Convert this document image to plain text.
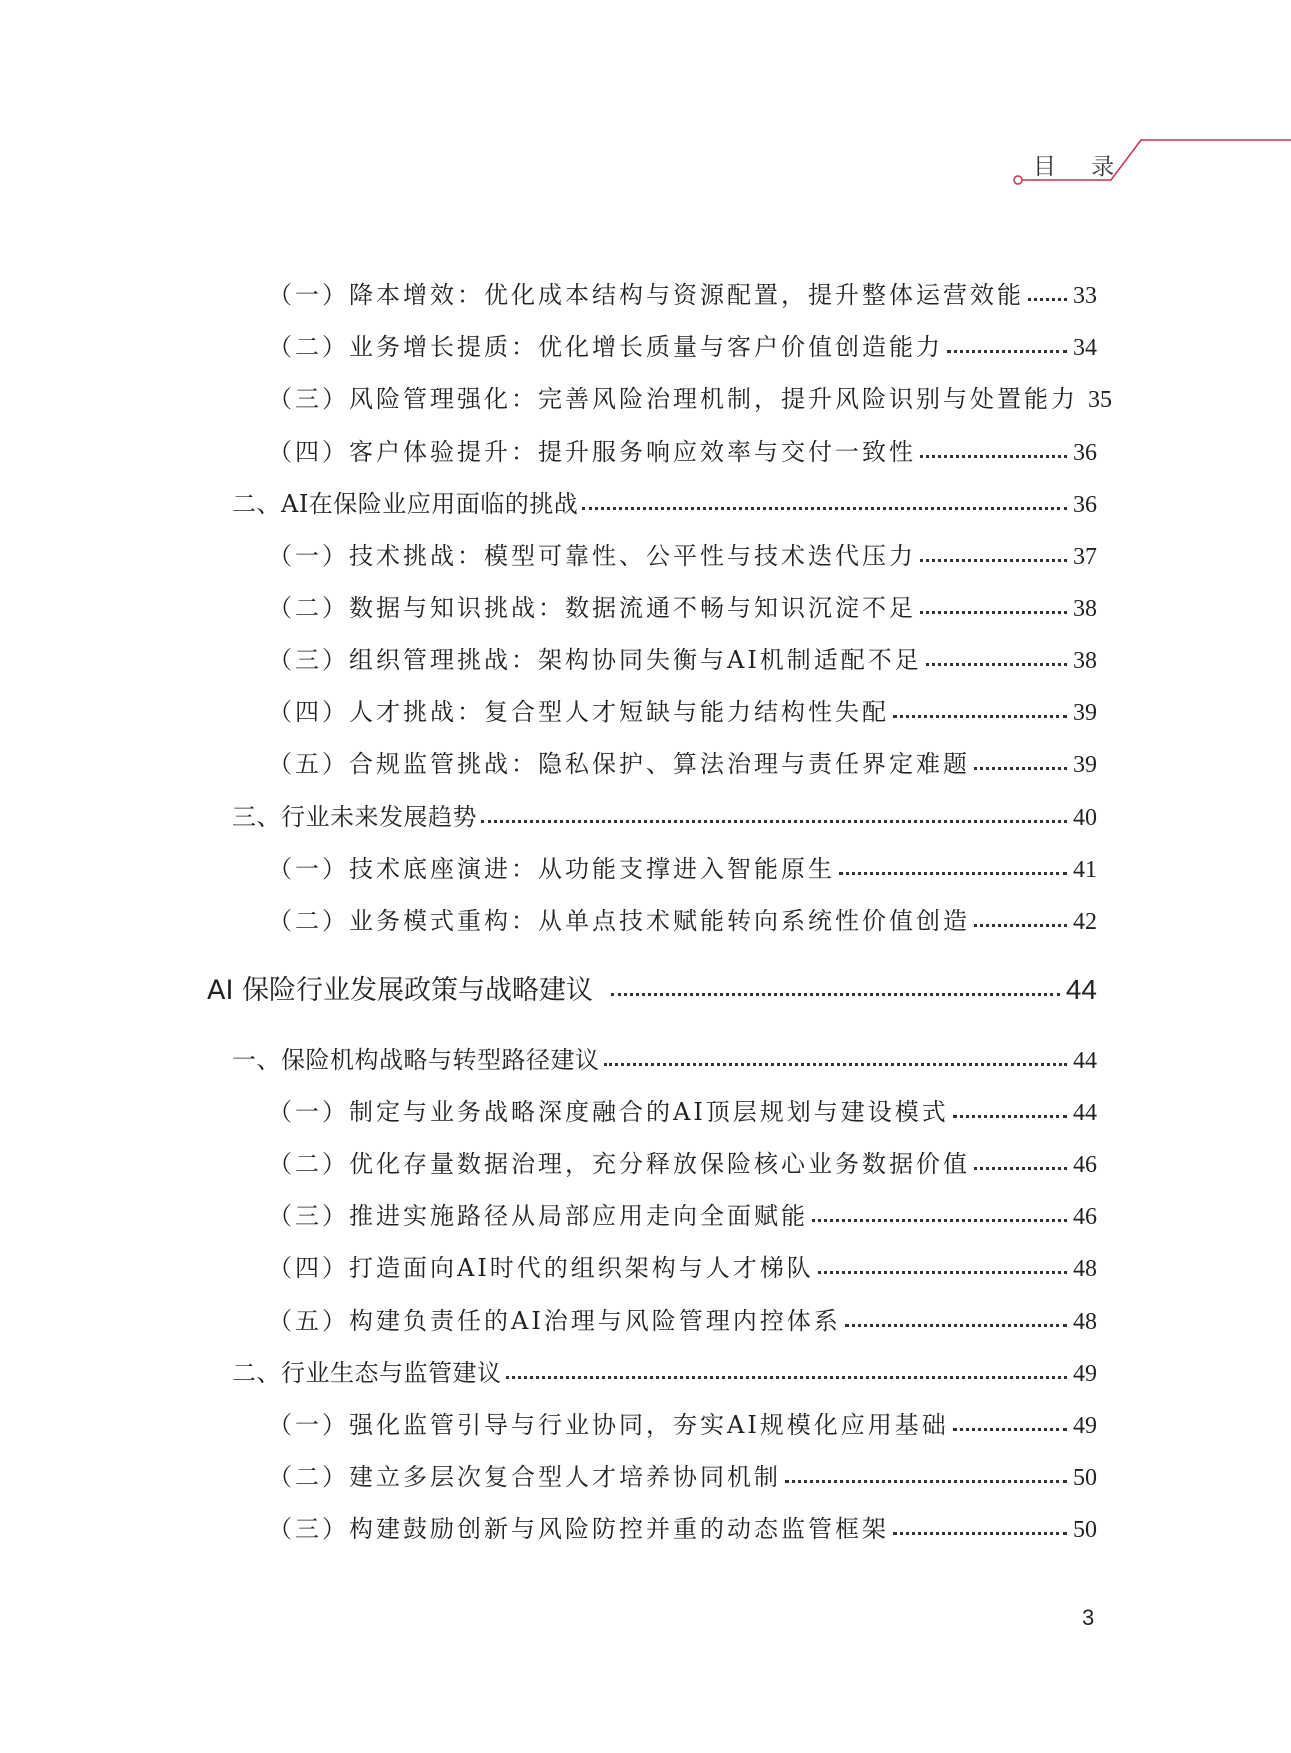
目 录
（一）降本增效：优化成本结构与资源配置，提升整体运营效能 33
（二）业务增长提质：优化增长质量与客户价值创造能力	34
（三）风险管理强化：完善风险治理机制，提升风险识别与处置能力 35
（四）客户体验提升：提升服务响应效率与交付一致性	36
二、AI在保险业应用面临的挑战	36
（一）技术挑战：模型可靠性、公平性与技术迭代压力	37
（二）数据与知识挑战：数据流通不畅与知识沉淀不足	38
（三）组织管理挑战：架构协同失衡与AI机制适配不足	38
（四）人才挑战：复合型人才短缺与能力结构性失配	39
（五）合规监管挑战：隐私保护、算法治理与责任界定难题	39
三、行业未来发展趋势	40
（一）技术底座演进：从功能支撑进入智能原生	41
（二）业务模式重构：从单点技术赋能转向系统性价值创造	42
AI 保险行业发展政策与战略建议	44
一、保险机构战略与转型路径建议	44
（一）制定与业务战略深度融合的AI顶层规划与建设模式	44
（二）优化存量数据治理，充分释放保险核心业务数据价值	46
（三）推进实施路径从局部应用走向全面赋能	46
（四）打造面向AI时代的组织架构与人才梯队	48
（五）构建负责任的AI治理与风险管理内控体系	48
二、行业生态与监管建议	49
（一）强化监管引导与行业协同，夯实AI规模化应用基础	49
（二）建立多层次复合型人才培养协同机制	50
（三）构建鼓励创新与风险防控并重的动态监管框架	50
3
